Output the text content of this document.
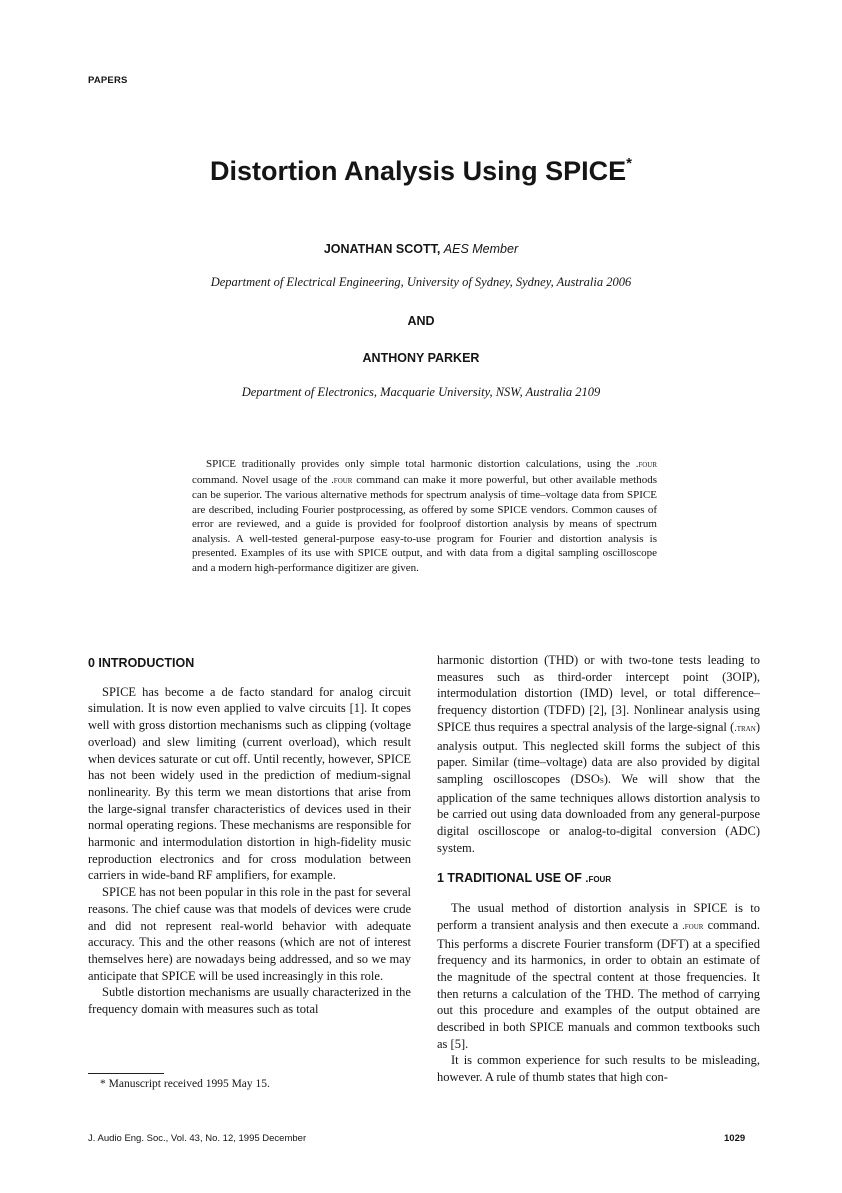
PAPERS
Distortion Analysis Using SPICE*
JONATHAN SCOTT, AES Member
Department of Electrical Engineering, University of Sydney, Sydney, Australia 2006
AND
ANTHONY PARKER
Department of Electronics, Macquarie University, NSW, Australia 2109

SPICE traditionally provides only simple total harmonic distortion calculations, using the .four command. Novel usage of the .four command can make it more powerful, but other available methods can be superior. The various alternative methods for spectrum analysis of time–voltage data from SPICE are described, including Fourier postprocessing, as offered by some SPICE vendors. Common causes of error are reviewed, and a guide is provided for foolproof distortion analysis by means of spectrum analysis. A well-tested general-purpose easy-to-use program for Fourier and distortion analysis is presented. Examples of its use with SPICE output, and with data from a digital sampling oscilloscope and a modern high-performance digitizer are given.

0 INTRODUCTION

SPICE has become a de facto standard for analog circuit simulation. It is now even applied to valve circuits [1]. It copes well with gross distortion mechanisms such as clipping (voltage overload) and slew limiting (current overload), which result when devices saturate or cut off. Until recently, however, SPICE has not been widely used in the prediction of medium-signal nonlinearity. By this term we mean distortions that arise from the large-signal transfer characteristics of devices used in their normal operating regions. These mechanisms are responsible for harmonic and intermodulation distortion in high-fidelity music reproduction electronics and for cross modulation between carriers in wide-band RF amplifiers, for example.

SPICE has not been popular in this role in the past for several reasons. The chief cause was that models of devices were crude and did not represent real-world behavior with adequate accuracy. This and the other reasons (which are not of interest themselves here) are nowadays being addressed, and so we may anticipate that SPICE will be used increasingly in this role.

Subtle distortion mechanisms are usually characterized in the frequency domain with measures such as total

harmonic distortion (THD) or with two-tone tests leading to measures such as third-order intercept point (3OIP), intermodulation distortion (IMD) level, or total difference–frequency distortion (TDFD) [2], [3]. Nonlinear analysis using SPICE thus requires a spectral analysis of the large-signal (.tran) analysis output. This neglected skill forms the subject of this paper. Similar (time–voltage) data are also provided by digital sampling oscilloscopes (DSOs). We will show that the application of the same techniques allows distortion analysis to be carried out using data downloaded from any general-purpose digital oscilloscope or analog-to-digital conversion (ADC) system.

1 TRADITIONAL USE OF .four

The usual method of distortion analysis in SPICE is to perform a transient analysis and then execute a .four command. This performs a discrete Fourier transform (DFT) at a specified frequency and its harmonics, in order to obtain an estimate of the magnitude of the spectral content at those frequencies. It then returns a calculation of the THD. The method of carrying out this procedure and examples of the output obtained are described in both SPICE manuals and common textbooks such as [5].

It is common experience for such results to be misleading, however. A rule of thumb states that high con-

* Manuscript received 1995 May 15.
J. Audio Eng. Soc., Vol. 43, No. 12, 1995 December	1029
